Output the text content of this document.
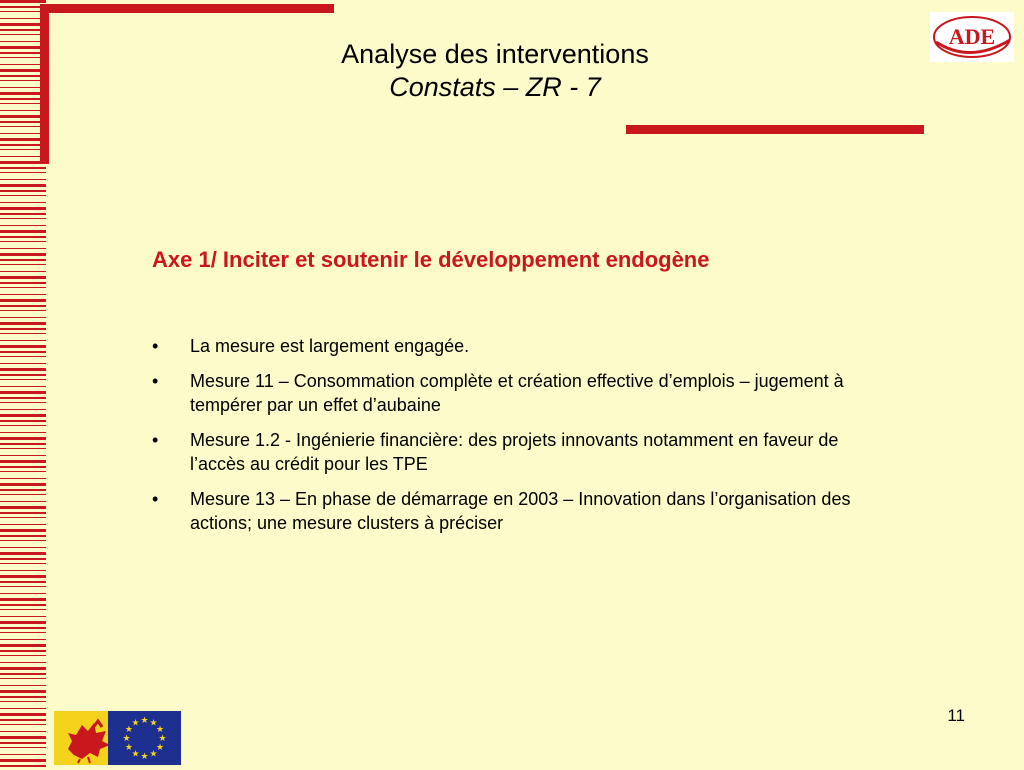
Analyse des interventions
Constats – ZR - 7
ADE
Axe 1/ Inciter et soutenir le développement endogène
• La mesure est largement engagée.
• Mesure 11 – Consommation complète et création effective d’emplois – jugement à tempérer par un effet d’aubaine
• Mesure 1.2 - Ingénierie financière: des projets innovants notamment en faveur de l’accès au crédit pour les TPE
• Mesure 13 – En phase de démarrage en 2003 – Innovation dans l’organisation des actions; une mesure clusters à préciser
11
★ ★
★
★
★
★
★
★
★
★
★
★
